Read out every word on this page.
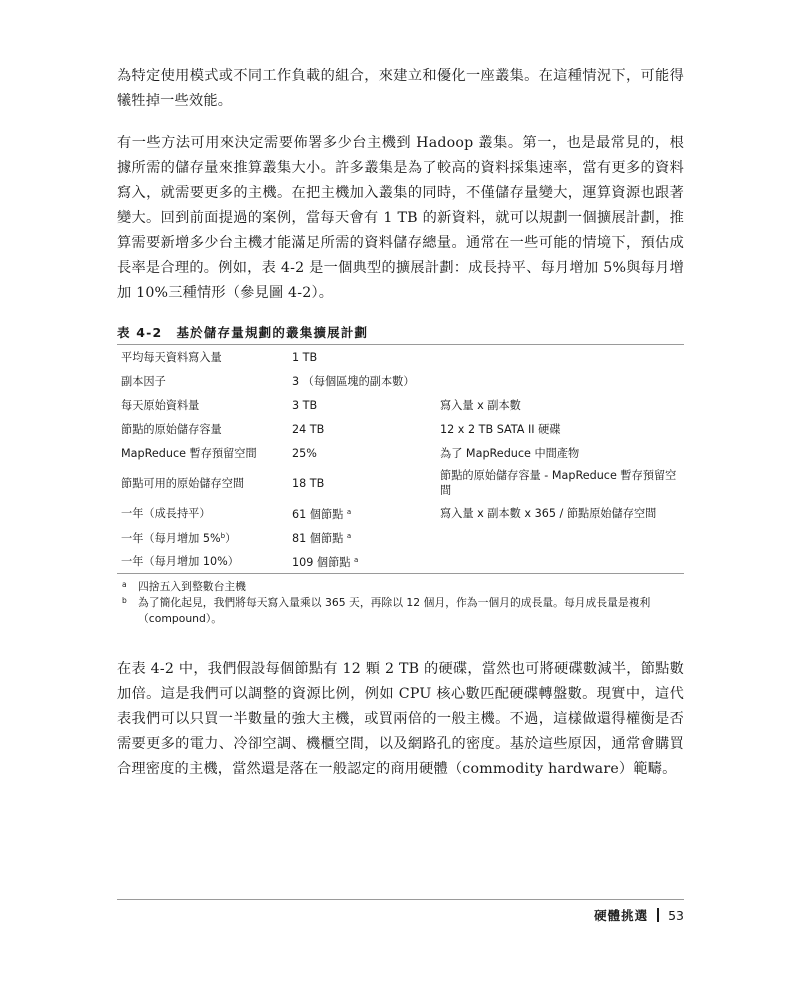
為特定使用模式或不同工作負載的組合，來建立和優化一座叢集。在這種情況下，可能得犧牲掉一些效能。

有一些方法可用來決定需要佈署多少台主機到 Hadoop 叢集。第一，也是最常見的，根據所需的儲存量來推算叢集大小。許多叢集是為了較高的資料採集速率，當有更多的資料寫入，就需要更多的主機。在把主機加入叢集的同時，不僅儲存量變大，運算資源也跟著變大。回到前面提過的案例，當每天會有 1 TB 的新資料，就可以規劃一個擴展計劃，推算需要新增多少台主機才能滿足所需的資料儲存總量。通常在一些可能的情境下，預估成長率是合理的。例如，表 4-2 是一個典型的擴展計劃：成長持平、每月增加 5%與每月增加 10%三種情形（參見圖 4-2）。

表 4-2 基於儲存量規劃的叢集擴展計劃
平均每天資料寫入量	1 TB	
副本因子	3 （每個區塊的副本數）	
每天原始資料量	3 TB	寫入量 x 副本數
節點的原始儲存容量	24 TB	12 x 2 TB SATA II 硬碟
MapReduce 暫存預留空間	25%	為了 MapReduce 中間產物
節點可用的原始儲存空間	18 TB	節點的原始儲存容量 - MapReduce 暫存預留空間
一年（成長持平）	61 個節點 $^a$	寫入量 x 副本數 x 365 / 節點原始儲存空間
一年（每月增加 5%$^b$）	81 個節點 $^a$	
一年（每月增加 10%）	109 個節點 $^a$	
a	四捨五入到整數台主機
b	為了簡化起見，我們將每天寫入量乘以 365 天，再除以 12 個月，作為一個月的成長量。每月成長量是複利（compound）。

在表 4-2 中，我們假設每個節點有 12 顆 2 TB 的硬碟，當然也可將硬碟數減半，節點數加倍。這是我們可以調整的資源比例，例如 CPU 核心數匹配硬碟轉盤數。現實中，這代表我們可以只買一半數量的強大主機，或買兩倍的一般主機。不過，這樣做還得權衡是否需要更多的電力、冷卻空調、機櫃空間，以及網路孔的密度。基於這些原因，通常會購買合理密度的主機，當然還是落在一般認定的商用硬體（commodity hardware）範疇。

硬體挑選 53
